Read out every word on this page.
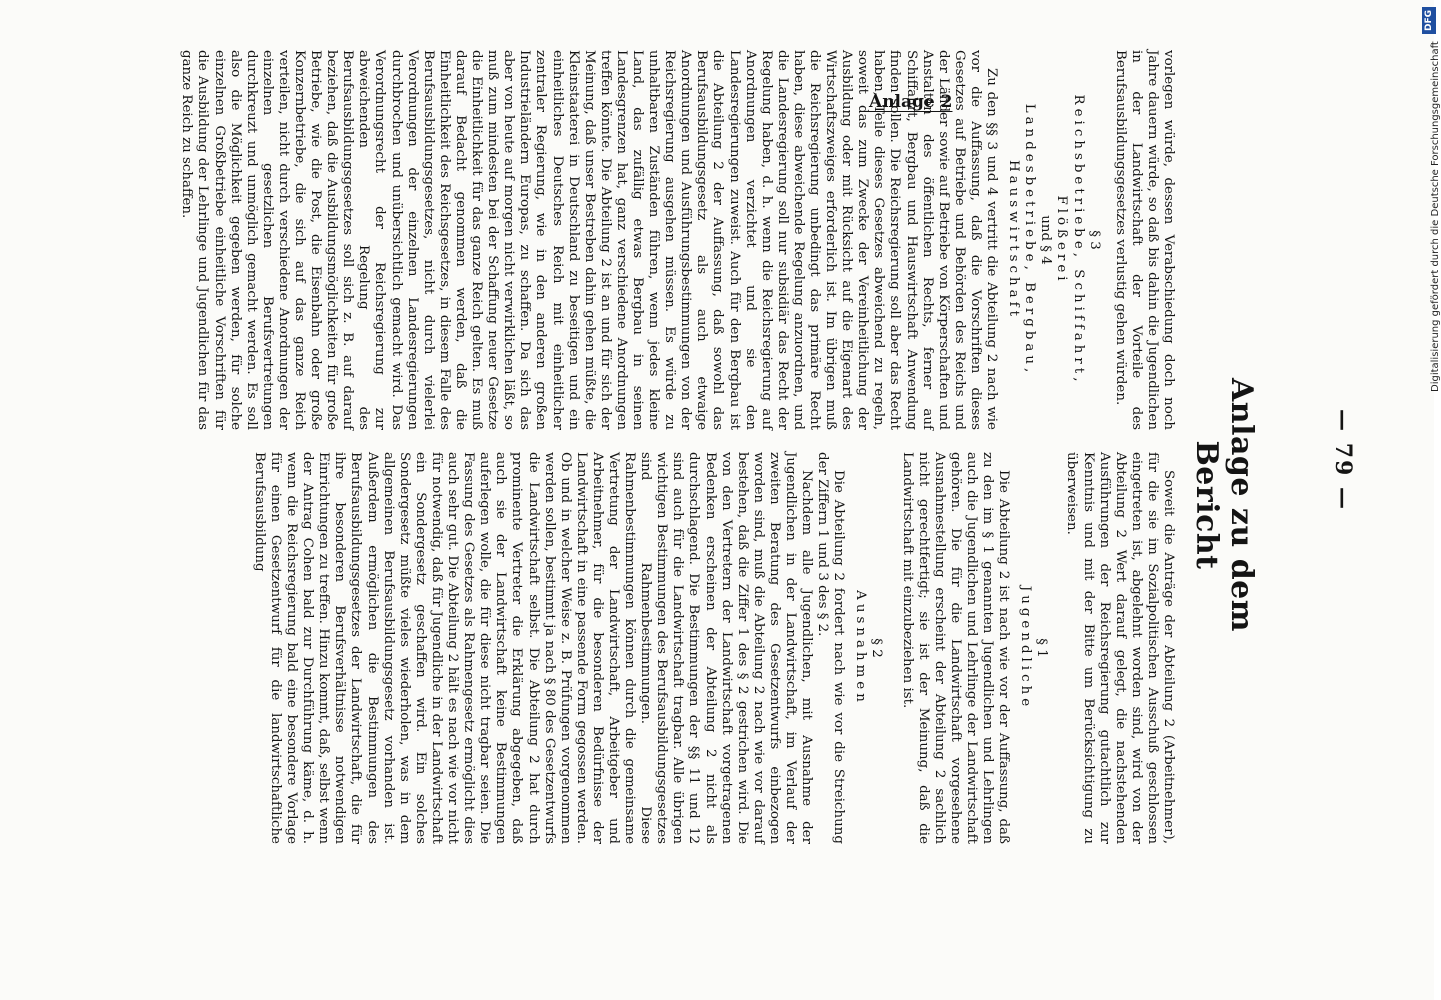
— 79 —
Anlage 2
Anlage zu dem Bericht

Soweit die Anträge der Abteilung 2 (Arbeitnehmer), für die sie im Sozialpolitischen Ausschuß geschlossen eingetreten ist, abgelehnt worden sind, wird von der Abteilung 2 Wert darauf gelegt, die nachstehenden Ausführungen der Reichsregierung gutachtlich zur Kenntnis und mit der Bitte um Berücksichtigung zu überweisen.

§ 1
Jugendliche

Die Abteilung 2 ist nach wie vor der Auffassung, daß zu den im § 1 genannten Jugendlichen und Lehrlingen auch die Jugendlichen und Lehrlinge der Landwirtschaft gehören. Die für die Landwirtschaft vorgesehene Ausnahmestellung erscheint der Abteilung 2 sachlich nicht gerechtfertigt; sie ist der Meinung, daß die Landwirtschaft mit einzubeziehen ist.

§ 2
Ausnahmen

Die Abteilung 2 fordert nach wie vor die Streichung der Ziffern 1 und 3 des § 2.

Nachdem alle Jugendlichen, mit Ausnahme der Jugendlichen in der Landwirtschaft, im Verlauf der zweiten Beratung des Gesetzentwurfs einbezogen worden sind, muß die Abteilung 2 nach wie vor darauf bestehen, daß die Ziffer 1 des § 2 gestrichen wird. Die von den Vertretern der Landwirtschaft vorgetragenen Bedenken erscheinen der Abteilung 2 nicht als durchschlagend. Die Bestimmungen der §§ 11 und 12 sind auch für die Landwirtschaft tragbar. Alle übrigen wichtigen Bestimmungen des Berufsausbildungsgesetzes sind Rahmenbestimmungen. Diese Rahmenbestimmungen können durch die gemeinsame Vertretung der Landwirtschaft, Arbeitgeber und Arbeitnehmer, für die besonderen Bedürfnisse der Landwirtschaft in eine passende Form gegossen werden. Ob und in welcher Weise z. B. Prüfungen vorgenommen werden sollen, bestimmt ja nach § 80 des Gesetzentwurfs die Landwirtschaft selbst. Die Abteilung 2 hat durch prominente Vertreter die Erklärung abgegeben, daß auch sie der Landwirtschaft keine Bestimmungen auferlegen wolle, die für diese nicht tragbar seien. Die Fassung des Gesetzes als Rahmengesetz ermöglicht dies auch sehr gut. Die Abteilung 2 hält es nach wie vor nicht für notwendig, daß für Jugendliche in der Landwirtschaft ein Sondergesetz geschaffen wird. Ein solches Sondergesetz müßte vieles wiederholen, was in dem allgemeinen Berufsausbildungsgesetz vorhanden ist. Außerdem ermöglichen die Bestimmungen des Berufsausbildungsgesetzes der Landwirtschaft, die für ihre besonderen Berufsverhältnisse notwendigen Einrichtungen zu treffen. Hinzu kommt, daß, selbst wenn der Antrag Cohen bald zur Durchführung käme, d. h. wenn die Reichsregierung bald eine besondere Vorlage für einen Gesetzentwurf für die landwirtschaftliche Berufsausbildung

vorlegen würde, dessen Verabschiedung doch noch Jahre dauern würde, so daß bis dahin die Jugendlichen in der Landwirtschaft der Vorteile des Berufsausbildungsgesetzes verlustig gehen würden.

§ 3
Reichsbetriebe, Schiffahrt, Flößerei
und § 4
Landesbetriebe, Bergbau, Hauswirtschaft

Zu den §§ 3 und 4 vertritt die Abteilung 2 nach wie vor die Auffassung, daß die Vorschriften dieses Gesetzes auf Betriebe und Behörden des Reichs und der Länder sowie auf Betriebe von Körperschaften und Anstalten des öffentlichen Rechts, ferner auf Schiffahrt, Bergbau und Hauswirtschaft Anwendung finden sollen. Die Reichsregierung soll aber das Recht haben, Teile dieses Gesetzes abweichend zu regeln, soweit das zum Zwecke der Vereinheitlichung der Ausbildung oder mit Rücksicht auf die Eigenart des Wirtschaftszweiges erforderlich ist. Im übrigen muß die Reichsregierung unbedingt das primäre Recht haben, diese abweichende Regelung anzuordnen, und die Landesregierung soll nur subsidiär das Recht der Regelung haben, d. h. wenn die Reichsregierung auf Anordnungen verzichtet und sie den Landesregierungen zuweist. Auch für den Bergbau ist die Abteilung 2 der Auffassung, daß sowohl das Berufsausbildungsgesetz als auch etwaige Anordnungen und Ausführungsbestimmungen von der Reichsregierung ausgehen müssen. Es würde zu unhaltbaren Zuständen führen, wenn jedes kleine Land, das zufällig etwas Bergbau in seinen Landesgrenzen hat, ganz verschiedene Anordnungen treffen könnte. Die Abteilung 2 ist an und für sich der Meinung, daß unser Bestreben dahin gehen müßte, die Kleinstaaterei in Deutschland zu beseitigen und ein einheitliches Deutsches Reich mit einheitlicher zentraler Regierung, wie in den anderen großen Industrieländern Europas, zu schaffen. Da sich das aber von heute auf morgen nicht verwirklichen läßt, so muß zum mindesten bei der Schaffung neuer Gesetze die Einheitlichkeit für das ganze Reich gelten. Es muß darauf Bedacht genommen werden, daß die Einheitlichkeit des Reichsgesetzes, in diesem Falle des Berufsausbildungsgesetzes, nicht durch vielerlei Verordnungen der einzelnen Landesregierungen durchbrochen und unübersichtlich gemacht wird. Das Verordnungsrecht der Reichsregierung zur abweichenden Regelung des Berufsausbildungsgesetzes soll sich z. B. auf darauf beziehen, daß die Ausbildungsmöglichkeiten für große Betriebe, wie die Post, die Eisenbahn oder große Konzernbetriebe, die sich auf das ganze Reich verteilen, nicht durch verschiedene Anordnungen der einzelnen gesetzlichen Berufsvertretungen durchkreuzt und unmöglich gemacht werden. Es soll also die Möglichkeit gegeben werden, für solche einzelnen Großbetriebe einheitliche Vorschriften für die Ausbildung der Lehrlinge und Jugendlichen für das ganze Reich zu schaffen.	Digitalisierung gefördert durch die Deutsche Forschungsgemeinschaft
DFG
